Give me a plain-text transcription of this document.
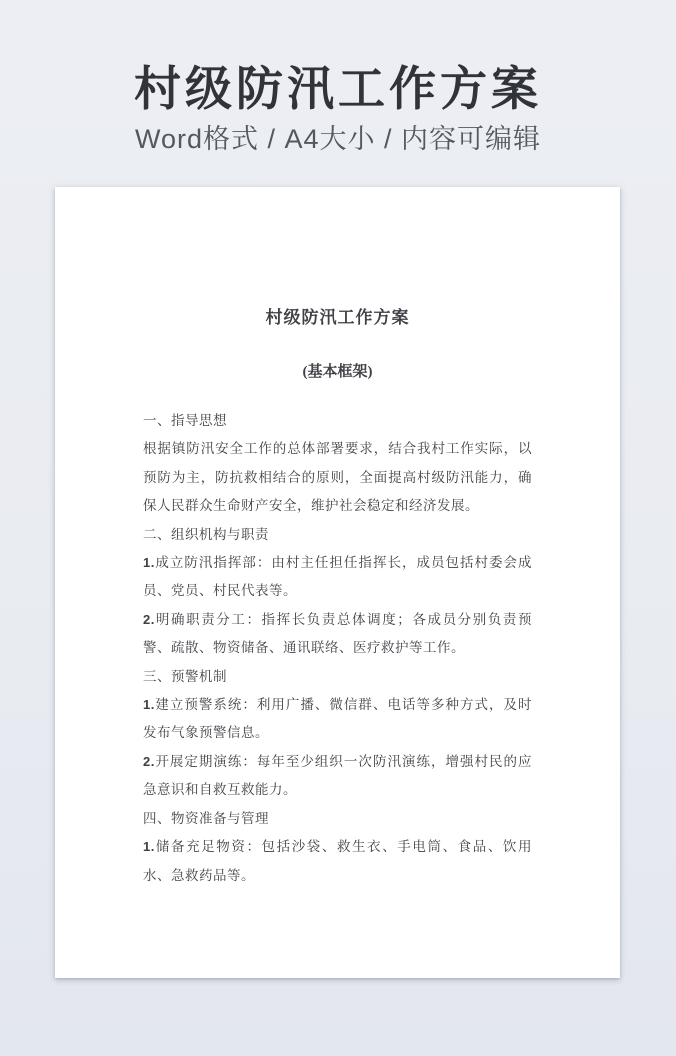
村级防汛工作方案
Word格式 / A4大小 / 内容可编辑
村级防汛工作方案
(基本框架)
一、指导思想
根据镇防汛安全工作的总体部署要求，结合我村工作实际，以预防为主，防抗救相结合的原则，全面提高村级防汛能力，确保人民群众生命财产安全，维护社会稳定和经济发展。
二、组织机构与职责
1.成立防汛指挥部：由村主任担任指挥长，成员包括村委会成员、党员、村民代表等。
2.明确职责分工：指挥长负责总体调度；各成员分别负责预警、疏散、物资储备、通讯联络、医疗救护等工作。
三、预警机制
1.建立预警系统：利用广播、微信群、电话等多种方式，及时发布气象预警信息。
2.开展定期演练：每年至少组织一次防汛演练，增强村民的应急意识和自救互救能力。
四、物资准备与管理
1.储备充足物资：包括沙袋、救生衣、手电筒、食品、饮用水、急救药品等。
